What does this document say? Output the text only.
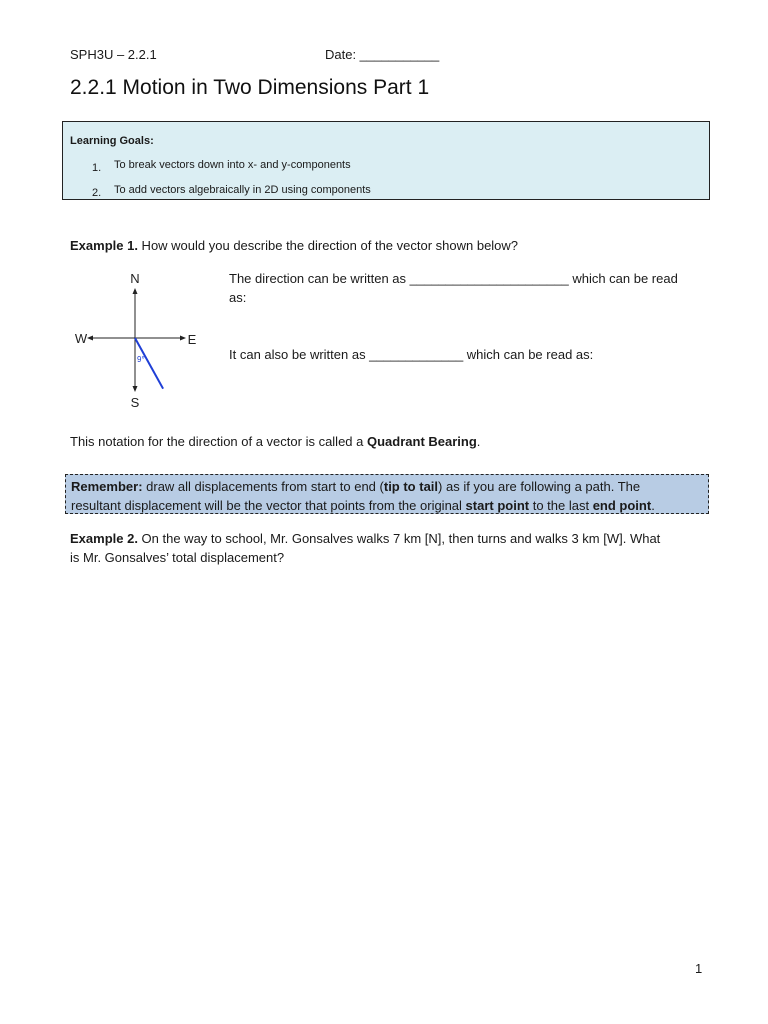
SPH3U – 2.2.1	Date: ___________
2.2.1 Motion in Two Dimensions Part 1
Learning Goals:
1. To break vectors down into x- and y-components
2. To add vectors algebraically in 2D using components
Example 1. How would you describe the direction of the vector shown below?
N
S
W	E
9°
The direction can be written as ______________________ which can be read
as:
It can also be written as _____________ which can be read as:
This notation for the direction of a vector is called a Quadrant Bearing.
Remember: draw all displacements from start to end (tip to tail) as if you are following a path. The
resultant displacement will be the vector that points from the original start point to the last end point.
Example 2. On the way to school, Mr. Gonsalves walks 7 km [N], then turns and walks 3 km [W]. What
is Mr. Gonsalves’ total displacement?
1
